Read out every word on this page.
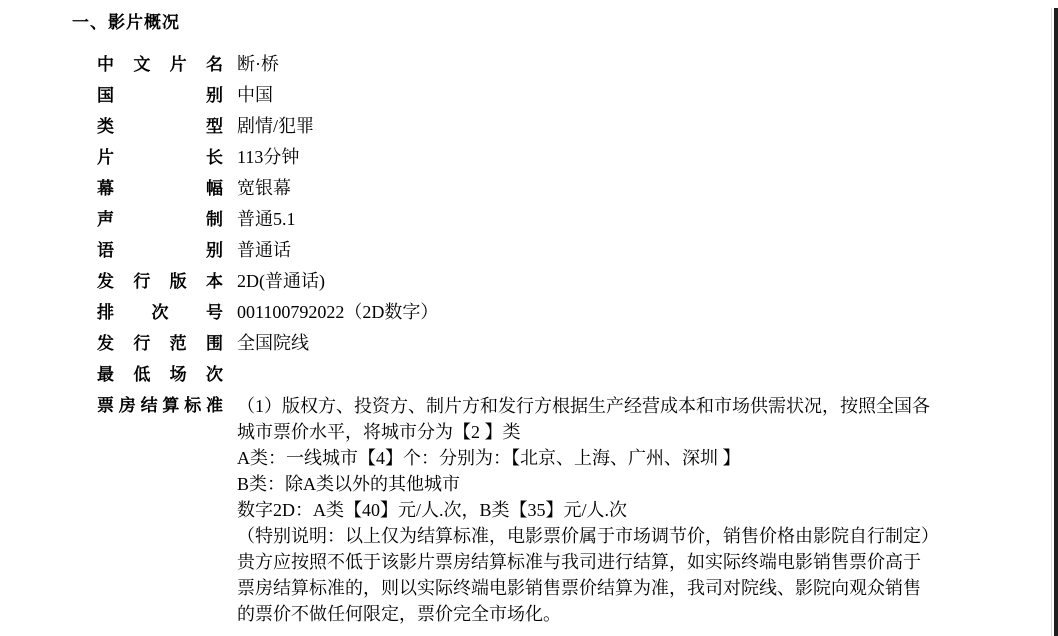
一、影片概况
中 文 片 名 断·桥
国	别 中国
类	型 剧情/犯罪
片	长 113分钟
幕	幅 宽银幕
声	制 普通5.1
语	别 普通话
发 行 版 本 2D(普通话)
排 次 号 001100792022（2D数字）
发 行 范 围 全国院线
最 低 场 次
票 房 结 算 标 准 （1）版权方、投资方、制片方和发行方根据生产经营成本和市场供需状况，按照全国各
城市票价水平，将城市分为【2 】类
A类：一线城市【4】个：分别为：【北京、上海、广州、深圳 】
B类：除A类以外的其他城市
数字2D：A类【40】元/人.次，B类【35】元/人.次
（特别说明：以上仅为结算标准，电影票价属于市场调节价，销售价格由影院自行制定）
贵方应按照不低于该影片票房结算标准与我司进行结算，如实际终端电影销售票价高于
票房结算标准的，则以实际终端电影销售票价结算为准，我司对院线、影院向观众销售
的票价不做任何限定，票价完全市场化。
